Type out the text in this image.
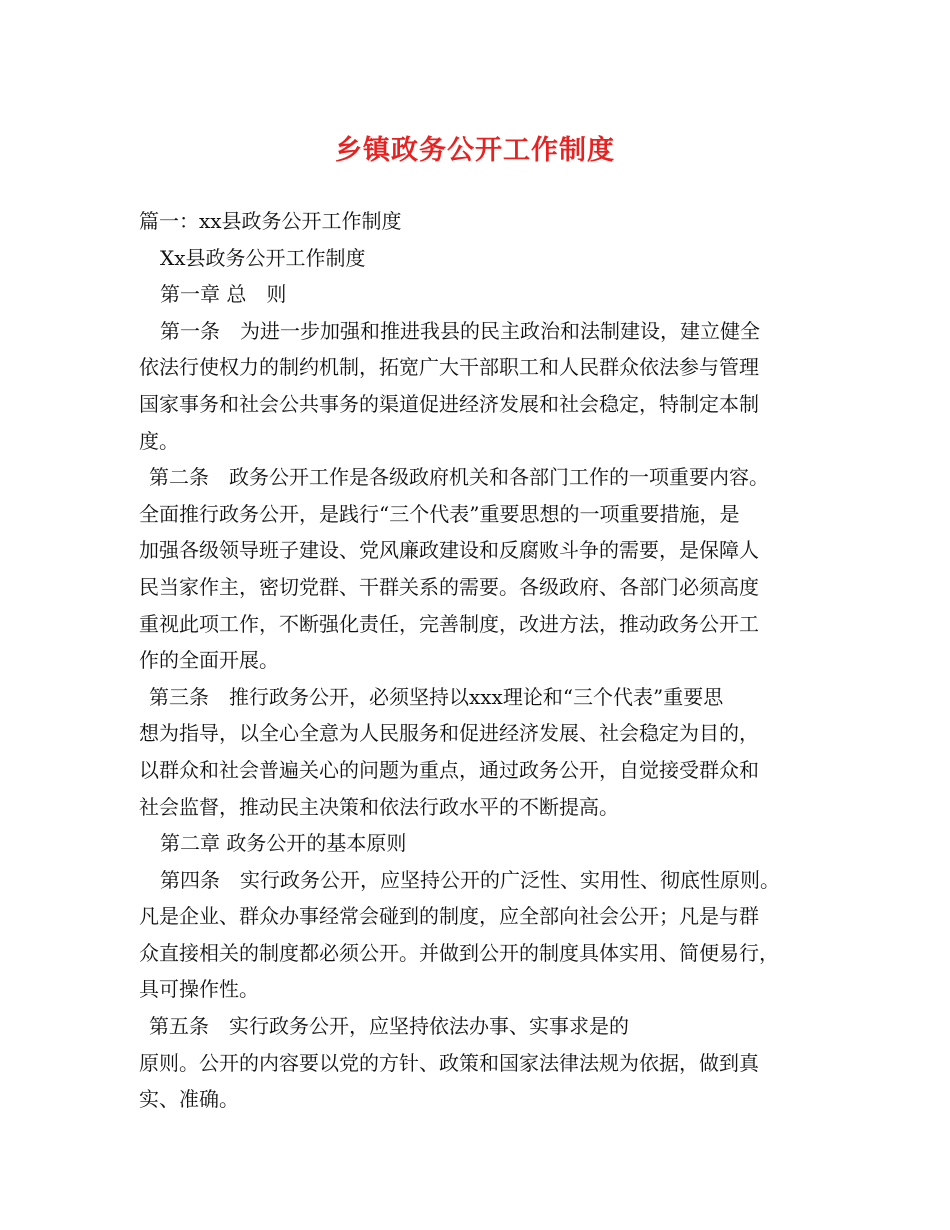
乡镇政务公开工作制度
篇一：xx县政务公开工作制度
Xx县政务公开工作制度
第一章 总　则
第一条　为进一步加强和推进我县的民主政治和法制建设，建立健全
依法行使权力的制约机制，拓宽广大干部职工和人民群众依法参与管理
国家事务和社会公共事务的渠道促进经济发展和社会稳定，特制定本制
度。
第二条　政务公开工作是各级政府机关和各部门工作的一项重要内容。
全面推行政务公开，是践行“三个代表”重要思想的一项重要措施，是
加强各级领导班子建设、党风廉政建设和反腐败斗争的需要，是保障人
民当家作主，密切党群、干群关系的需要。各级政府、各部门必须高度
重视此项工作，不断强化责任，完善制度，改进方法，推动政务公开工
作的全面开展。
第三条　推行政务公开，必须坚持以xxx理论和“三个代表”重要思
想为指导，以全心全意为人民服务和促进经济发展、社会稳定为目的，
以群众和社会普遍关心的问题为重点，通过政务公开，自觉接受群众和
社会监督，推动民主决策和依法行政水平的不断提高。
第二章 政务公开的基本原则
第四条　实行政务公开，应坚持公开的广泛性、实用性、彻底性原则。
凡是企业、群众办事经常会碰到的制度，应全部向社会公开；凡是与群
众直接相关的制度都必须公开。并做到公开的制度具体实用、简便易行，
具可操作性。
第五条　实行政务公开，应坚持依法办事、实事求是的
原则。公开的内容要以党的方针、政策和国家法律法规为依据，做到真
实、准确。
